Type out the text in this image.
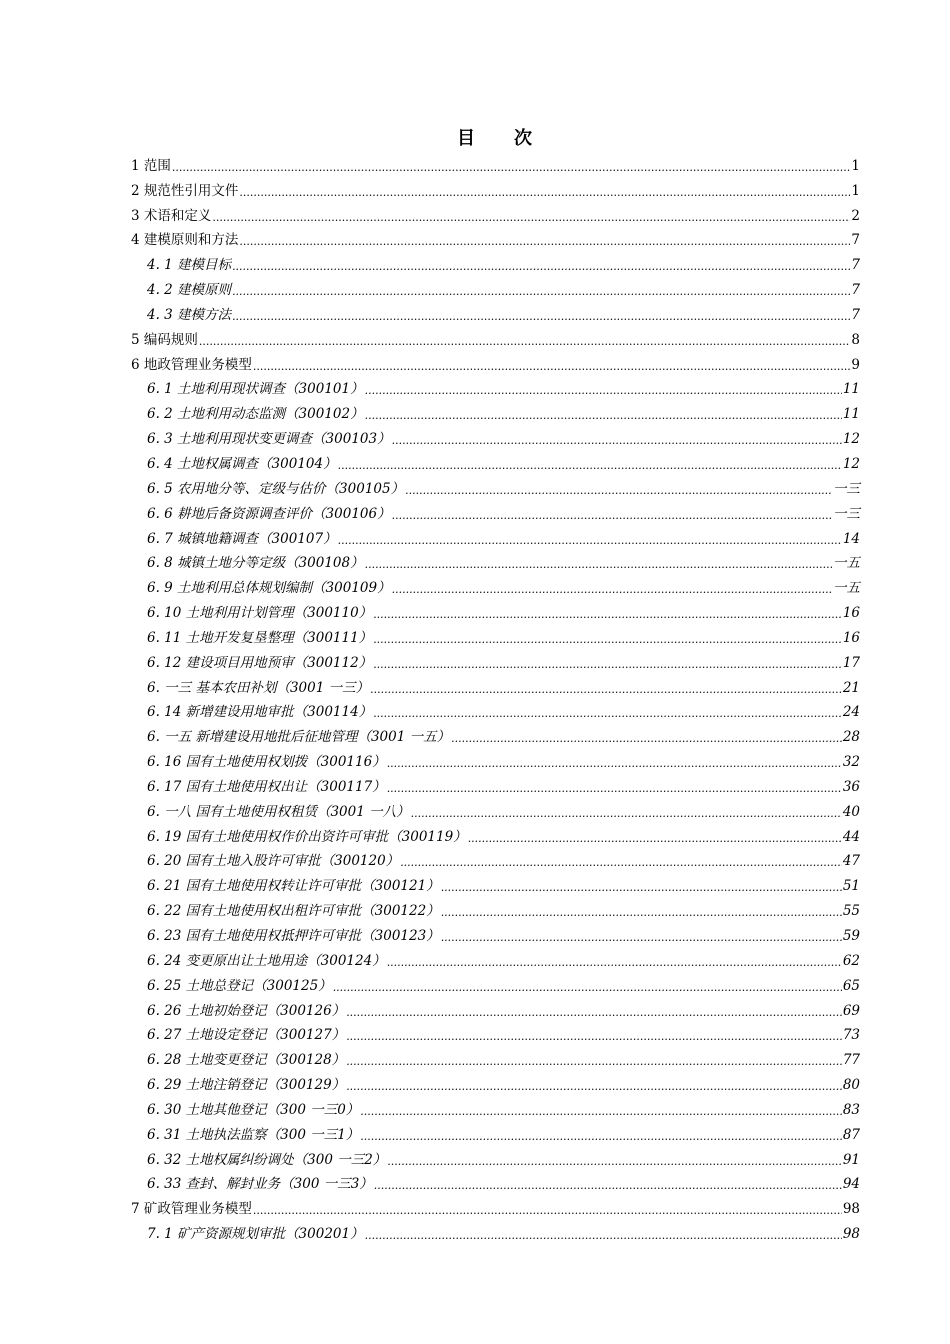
目　　次
1 范围 .....	1
2 规范性引用文件 .....	1
3 术语和定义 .....	2
4 建模原则和方法 .....	7
4. 1 建模目标 .....	7
4. 2 建模原则 .....	7
4. 3 建模方法 .....	7
5 编码规则 .....	8
6 地政管理业务模型 .....	9
6. 1 土地利用现状调查（300101） .....	11
6. 2 土地利用动态监测（300102） .....	11
6. 3 土地利用现状变更调查（300103） .....	12
6. 4 土地权属调查（300104） .....	12
6. 5 农用地分等、定级与估价（300105） .....	一三
6. 6 耕地后备资源调查评价（300106） .....	一三
6. 7 城镇地籍调查（300107） .....	14
6. 8 城镇土地分等定级（300108） .....	一五
6. 9 土地利用总体规划编制（300109） .....	一五
6. 10 土地利用计划管理（300110） .....	16
6. 11 土地开发复垦整理（300111） .....	16
6. 12 建设项目用地预审（300112） .....	17
6. 一三 基本农田补划（3001 一三） .....	21
6. 14 新增建设用地审批（300114） .....	24
6. 一五 新增建设用地批后征地管理（3001 一五） .....	28
6. 16 国有土地使用权划拨（300116） .....	32
6. 17 国有土地使用权出让（300117） .....	36
6. 一八 国有土地使用权租赁（3001 一八） .....	40
6. 19 国有土地使用权作价出资许可审批（300119） .....	44
6. 20 国有土地入股许可审批（300120） .....	47
6. 21 国有土地使用权转让许可审批（300121） .....	51
6. 22 国有土地使用权出租许可审批（300122） .....	55
6. 23 国有土地使用权抵押许可审批（300123） .....	59
6. 24 变更原出让土地用途（300124） .....	62
6. 25 土地总登记（300125） .....	65
6. 26 土地初始登记（300126） .....	69
6. 27 土地设定登记（300127） .....	73
6. 28 土地变更登记（300128） .....	77
6. 29 土地注销登记（300129） .....	80
6. 30 土地其他登记（300 一三0） .....	83
6. 31 土地执法监察（300 一三1） .....	87
6. 32 土地权属纠纷调处（300 一三2） .....	91
6. 33 查封、解封业务（300 一三3） .....	94
7 矿政管理业务模型 .....	98
7. 1 矿产资源规划审批（300201） .....	98
